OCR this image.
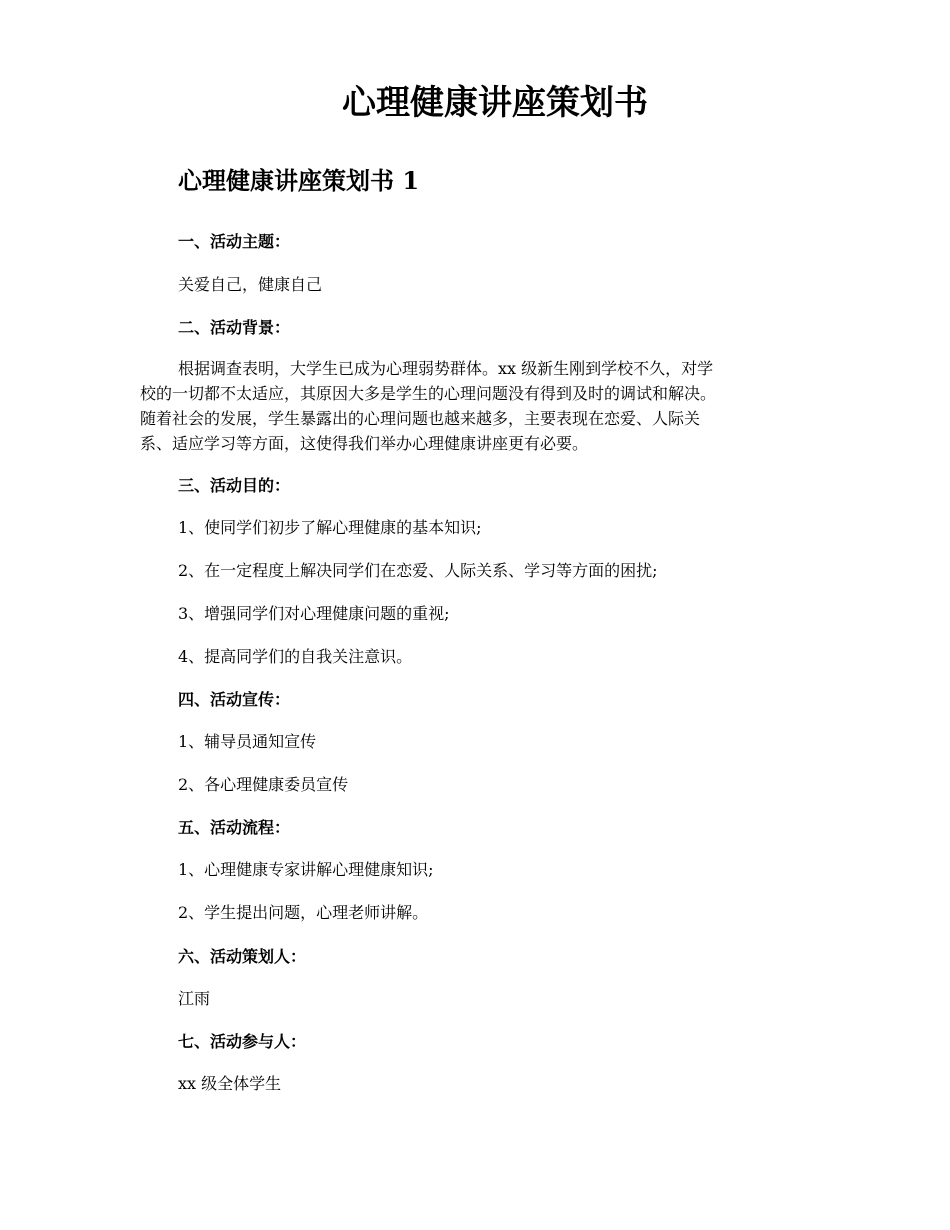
心理健康讲座策划书
心理健康讲座策划书 1

一、活动主题：

关爱自己，健康自己

二、活动背景：

根据调查表明，大学生已成为心理弱势群体。xx 级新生刚到学校不久，对学
校的一切都不太适应，其原因大多是学生的心理问题没有得到及时的调试和解决。
随着社会的发展，学生暴露出的心理问题也越来越多，主要表现在恋爱、人际关
系、适应学习等方面，这使得我们举办心理健康讲座更有必要。

三、活动目的：

1、使同学们初步了解心理健康的基本知识;

2、在一定程度上解决同学们在恋爱、人际关系、学习等方面的困扰;

3、增强同学们对心理健康问题的重视;

4、提高同学们的自我关注意识。

四、活动宣传：

1、辅导员通知宣传

2、各心理健康委员宣传

五、活动流程：

1、心理健康专家讲解心理健康知识;

2、学生提出问题，心理老师讲解。

六、活动策划人：

江雨

七、活动参与人：

xx 级全体学生
